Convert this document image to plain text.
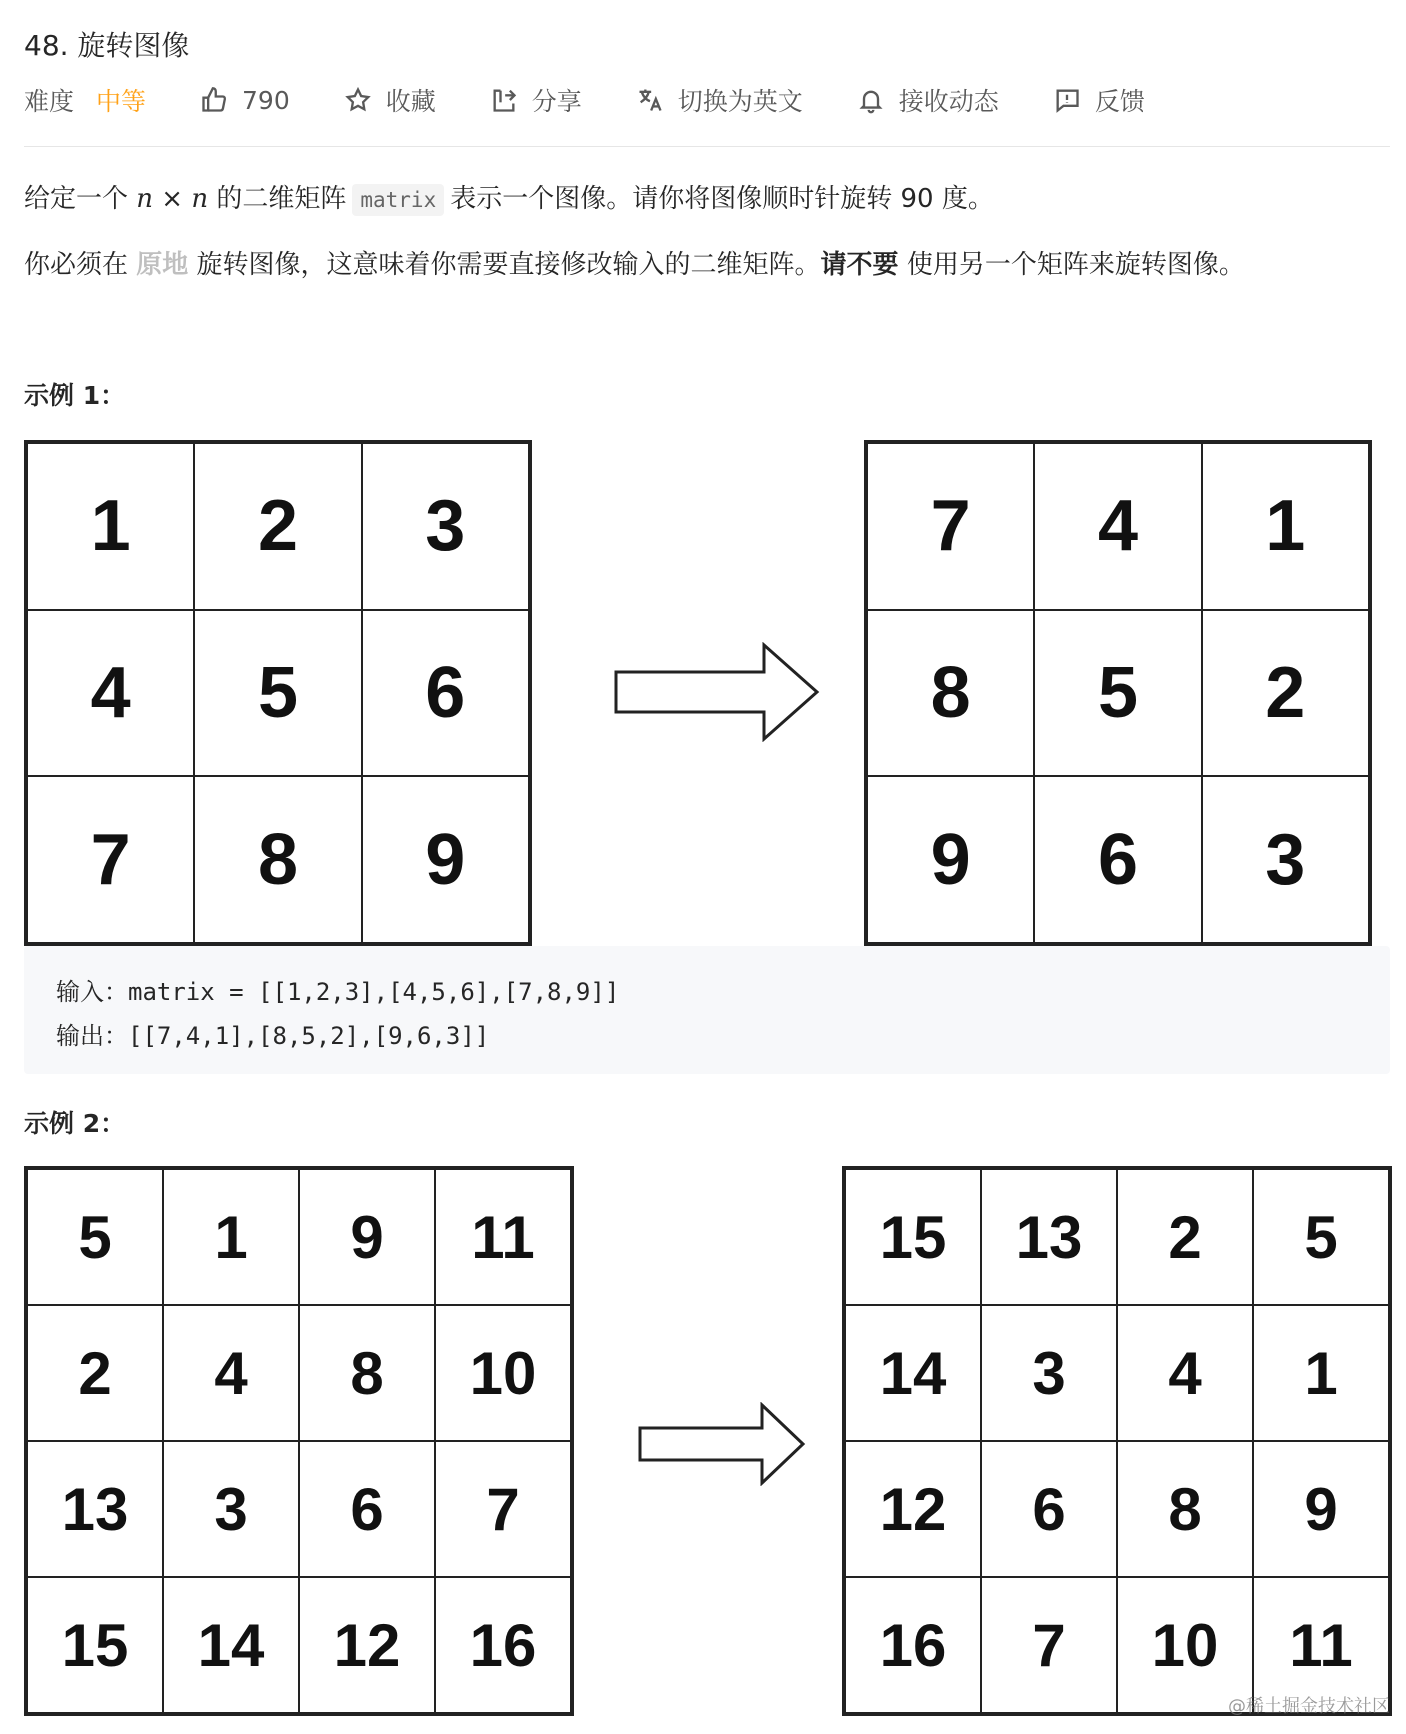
48. 旋转图像
难度 中等	790	收藏	分享	切换为英文	接收动态	反馈
给定一个 n × n 的二维矩阵 matrix 表示一个图像。请你将图像顺时针旋转 90 度。
你必须在 原地 旋转图像，这意味着你需要直接修改输入的二维矩阵。请不要 使用另一个矩阵来旋转图像。
示例 1：
1	2	3
4	5	6
7	8	9
7	4	1
8	5	2
9	6	3
输入：matrix = [[1,2,3],[4,5,6],[7,8,9]]
输出：[[7,4,1],[8,5,2],[9,6,3]]
示例 2：
5	1	9	11
2	4	8	10
13	3	6	7
15	14	12	16
15	13	2	5
14	3	4	1
12	6	8	9
16	7	10	11
@稀土掘金技术社区
